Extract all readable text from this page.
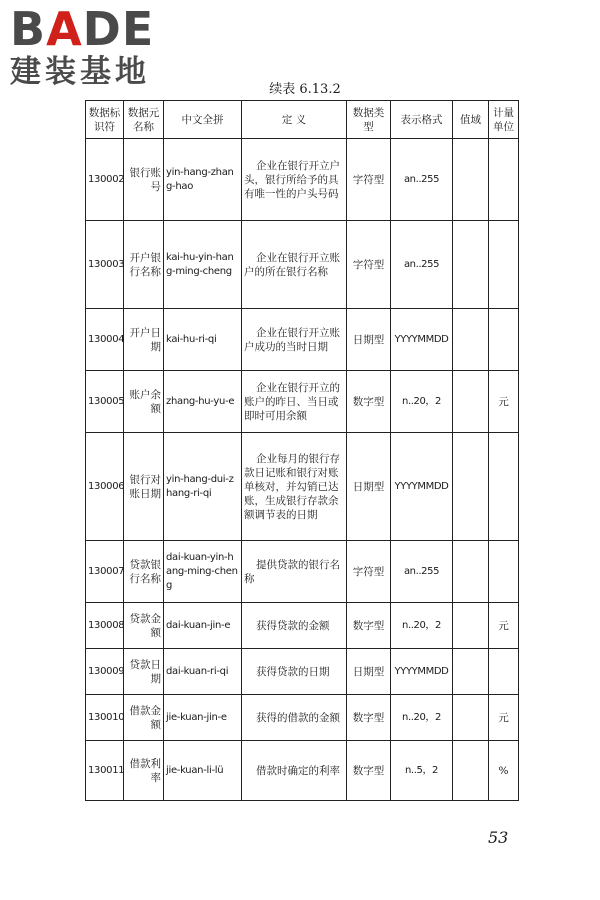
BADE
建装基地	续表 6.13.2
数据标识符	数据元名称	中文全拼	定 义	数据类型	表示格式	值域	计量单位
130002	银行账号	yin-hang-zhang-hao	企业在银行开立户头，银行所给予的具有唯一性的户头号码	字符型	an..255		
130003	开户银行名称	kai-hu-yin-hang-ming-cheng	企业在银行开立账户的所在银行名称	字符型	an..255		
130004	开户日期	kai-hu-ri-qi	企业在银行开立账户成功的当时日期	日期型	YYYYMMDD		
130005	账户余额	zhang-hu-yu-e	企业在银行开立的账户的昨日、当日或即时可用余额	数字型	n..20，2		元
130006	银行对账日期	yin-hang-dui-zhang-ri-qi	企业每月的银行存款日记账和银行对账单核对，并勾销已达账，生成银行存款余额调节表的日期	日期型	YYYYMMDD		
130007	贷款银行名称	dai-kuan-yin-hang-ming-cheng	提供贷款的银行名称	字符型	an..255		
130008	贷款金额	dai-kuan-jin-e	获得贷款的金额	数字型	n..20，2		元
130009	贷款日期	dai-kuan-ri-qi	获得贷款的日期	日期型	YYYYMMDD		
130010	借款金额	jie-kuan-jin-e	获得的借款的金额	数字型	n..20，2		元
130011	借款利率	jie-kuan-li-lü	借款时确定的利率	数字型	n..5，2		%
53
